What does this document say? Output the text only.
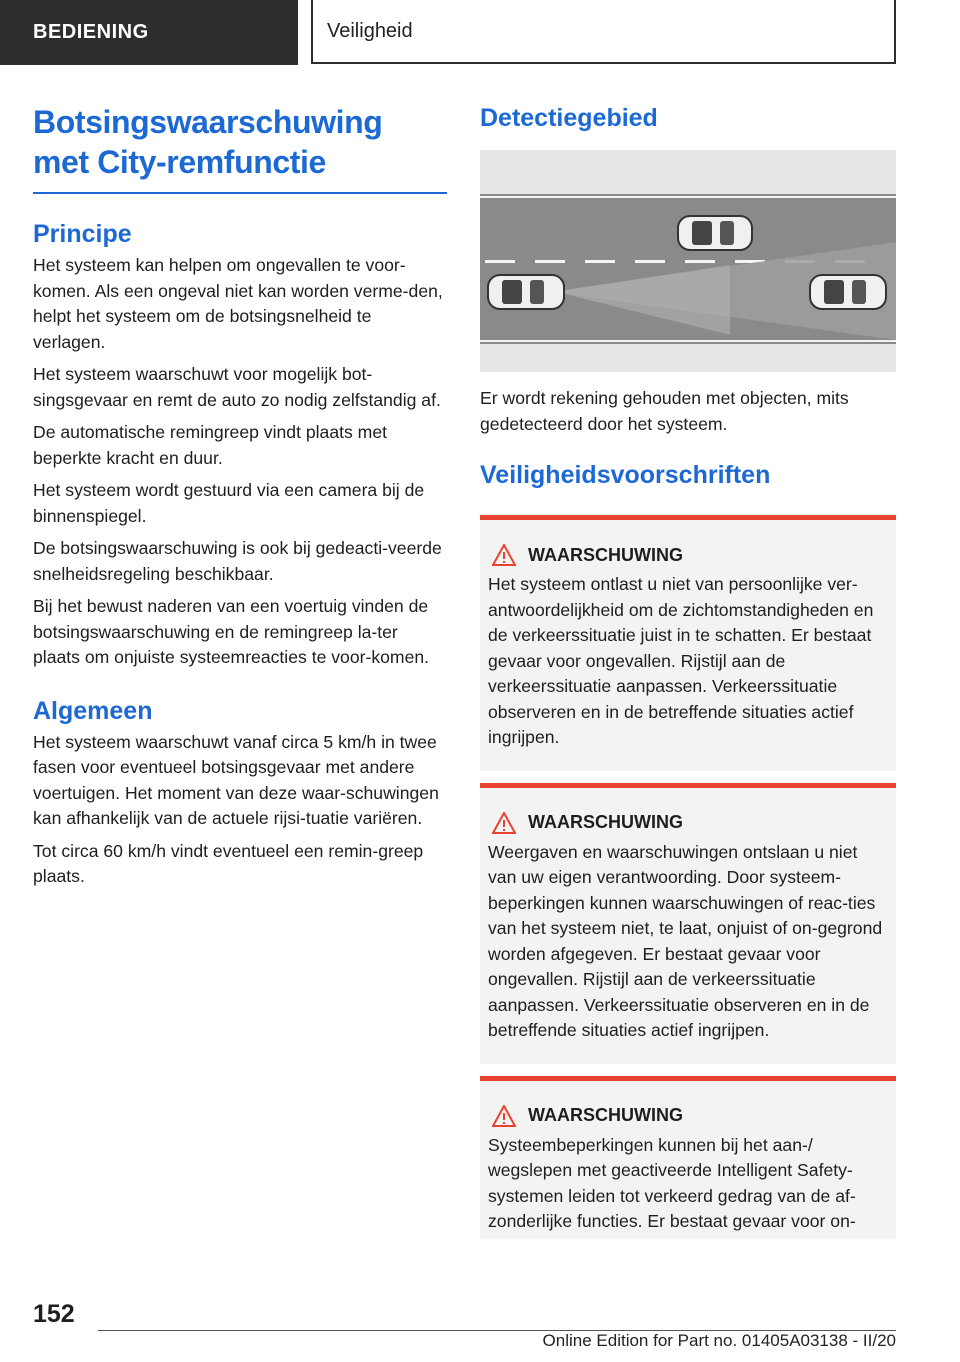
BEDIENING	Veiligheid
Botsingswaarschuwing
met City-remfunctie
Principe

Het systeem kan helpen om ongevallen te voor-komen. Als een ongeval niet kan worden verme-den, helpt het systeem om de botsingsnelheid te verlagen.

Het systeem waarschuwt voor mogelijk bot-singsgevaar en remt de auto zo nodig zelfstandig af.

De automatische remingreep vindt plaats met beperkte kracht en duur.

Het systeem wordt gestuurd via een camera bij de binnenspiegel.

De botsingswaarschuwing is ook bij gedeacti-veerde snelheidsregeling beschikbaar.

Bij het bewust naderen van een voertuig vinden de botsingswaarschuwing en de remingreep la-ter plaats om onjuiste systeemreacties te voor-komen.

Algemeen

Het systeem waarschuwt vanaf circa 5 km/h in twee fasen voor eventueel botsingsgevaar met andere voertuigen. Het moment van deze waar-schuwingen kan afhankelijk van de actuele rijsi-tuatie variëren.

Tot circa 60 km/h vindt eventueel een remin-greep plaats.

Detectiegebied

Er wordt rekening gehouden met objecten, mits gedetecteerd door het systeem.

Veiligheidsvoorschriften
WAARSCHUWING

Het systeem ontlast u niet van persoonlijke ver-antwoordelijkheid om de zichtomstandigheden en de verkeerssituatie juist in te schatten. Er bestaat gevaar voor ongevallen. Rijstijl aan de verkeerssituatie aanpassen. Verkeerssituatie observeren en in de betreffende situaties actief ingrijpen.

WAARSCHUWING

Weergaven en waarschuwingen ontslaan u niet van uw eigen verantwoording. Door systeem-beperkingen kunnen waarschuwingen of reac-ties van het systeem niet, te laat, onjuist of on-gegrond worden afgegeven. Er bestaat gevaar voor ongevallen. Rijstijl aan de verkeerssituatie aanpassen. Verkeerssituatie observeren en in de betreffende situaties actief ingrijpen.

WAARSCHUWING

Systeembeperkingen kunnen bij het aan-/ wegslepen met geactiveerde Intelligent Safety-systemen leiden tot verkeerd gedrag van de af-zonderlijke functies. Er bestaat gevaar voor on-

152
Online Edition for Part no. 01405A03138 - II/20
